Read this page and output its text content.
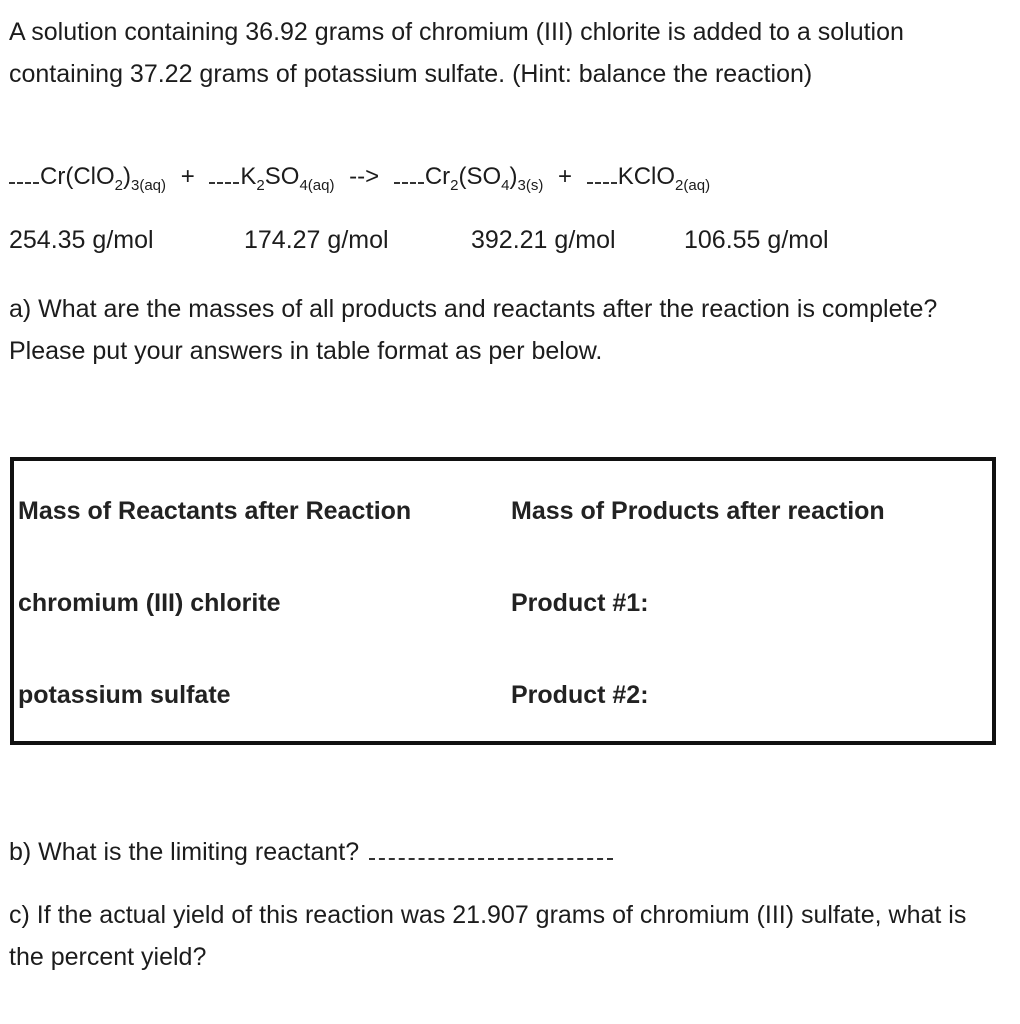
A solution containing 36.92 grams of chromium (III) chlorite is added to a solution containing 37.22 grams of potassium sulfate. (Hint: balance the reaction)

$Cr(ClO_2)_{3(aq)} + K_2SO_{4(aq)}$ --> $Cr_2(SO_4)_{3(s)}$ + KClO$_{2(aq)}$
254.35 g/mol	174.27 g/mol	392.21 g/mol	106.55 g/mol

a) What are the masses of all products and reactants after the reaction is complete? Please put your answers in table format as per below.

Mass of Reactants after Reaction	Mass of Products after reaction
chromium (III) chlorite	Product #1:
potassium sulfate	Product #2:

b) What is the limiting reactant?

c) If the actual yield of this reaction was 21.907 grams of chromium (III) sulfate, what is the percent yield?
